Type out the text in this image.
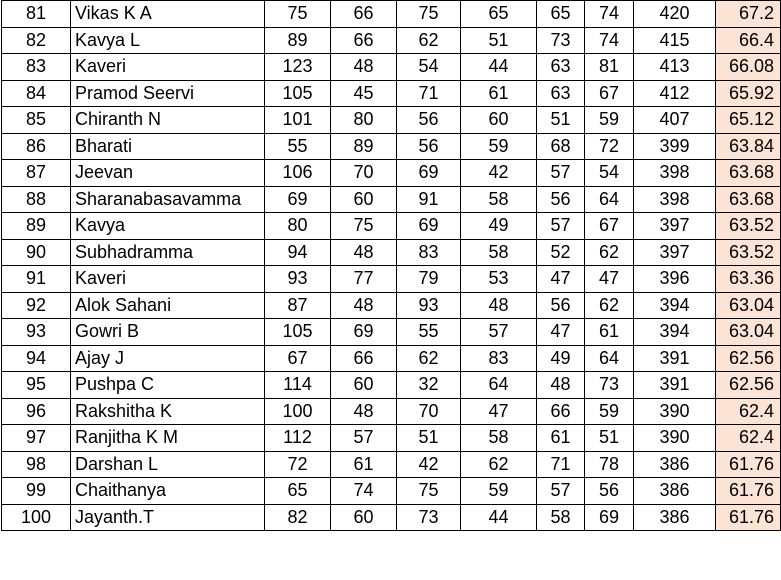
81	Vikas K A	75	66	75	65	65	74	420	67.2
82	Kavya L	89	66	62	51	73	74	415	66.4
83	Kaveri	123	48	54	44	63	81	413	66.08
84	Pramod Seervi	105	45	71	61	63	67	412	65.92
85	Chiranth N	101	80	56	60	51	59	407	65.12
86	Bharati	55	89	56	59	68	72	399	63.84
87	Jeevan	106	70	69	42	57	54	398	63.68
88	Sharanabasavamma	69	60	91	58	56	64	398	63.68
89	Kavya	80	75	69	49	57	67	397	63.52
90	Subhadramma	94	48	83	58	52	62	397	63.52
91	Kaveri	93	77	79	53	47	47	396	63.36
92	Alok Sahani	87	48	93	48	56	62	394	63.04
93	Gowri B	105	69	55	57	47	61	394	63.04
94	Ajay J	67	66	62	83	49	64	391	62.56
95	Pushpa C	114	60	32	64	48	73	391	62.56
96	Rakshitha K	100	48	70	47	66	59	390	62.4
97	Ranjitha K M	112	57	51	58	61	51	390	62.4
98	Darshan L	72	61	42	62	71	78	386	61.76
99	Chaithanya	65	74	75	59	57	56	386	61.76
100	Jayanth.T	82	60	73	44	58	69	386	61.76
